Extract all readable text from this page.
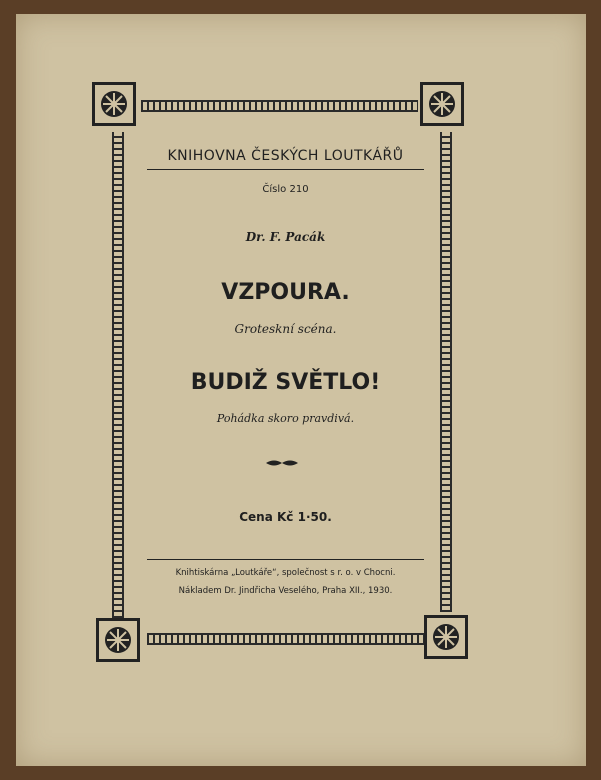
KNIHOVNA ČESKÝCH LOUTKÁŘŮ
Číslo 210
Dr. F. Pacák
VZPOURA.
Groteskní scéna.
BUDIŽ SVĚTLO!
Pohádka skoro pravdivá.
Cena Kč 1·50.
Knihtiskárna „Loutkáře“, společnost s r. o. v Chocni.
Nákladem Dr. Jindřicha Veselého, Praha XII., 1930.
